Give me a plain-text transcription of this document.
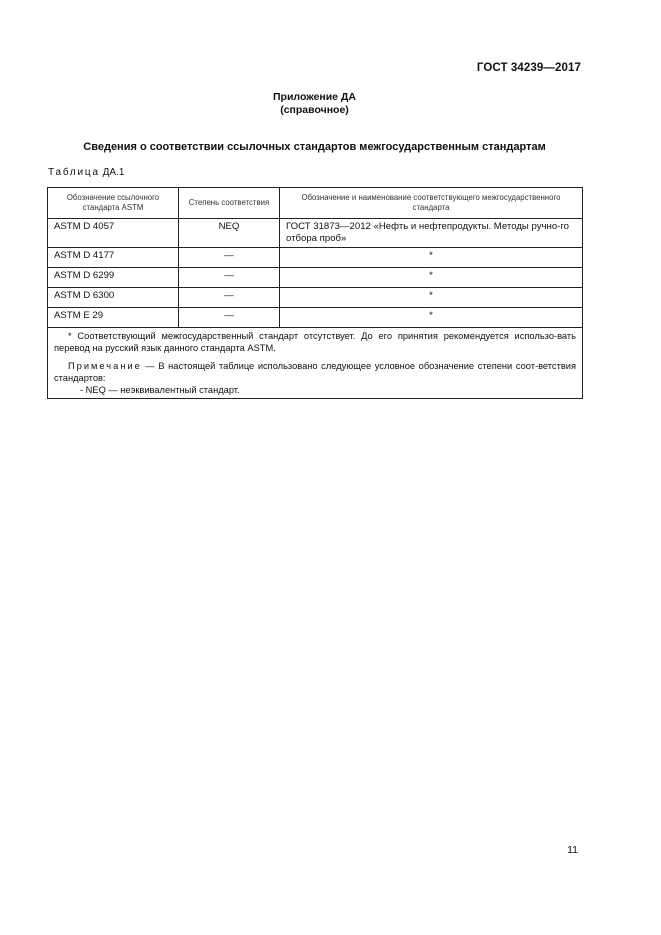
ГОСТ 34239—2017
Приложение ДА
(справочное)
Сведения о соответствии ссылочных стандартов межгосударственным стандартам
Таблица ДА.1
Обозначение ссылочного стандарта ASTM	Степень соответствия	Обозначение и наименование соответствующего межгосударственного стандарта
ASTM D 4057	NEQ	ГОСТ 31873—2012 «Нефть и нефтепродукты. Методы ручно-го отбора проб»
ASTM D 4177	—	*
ASTM D 6299	—	*
ASTM D 6300	—	*
ASTM E 29	—	*

* Соответствующий межгосударственный стандарт отсутствует. До его принятия рекомендуется использо-вать перевод на русский язык данного стандарта ASTM.

Примечание — В настоящей таблице использовано следующее условное обозначение степени соот-ветствия стандартов:

- NEQ — неэквивалентный стандарт.		
11
